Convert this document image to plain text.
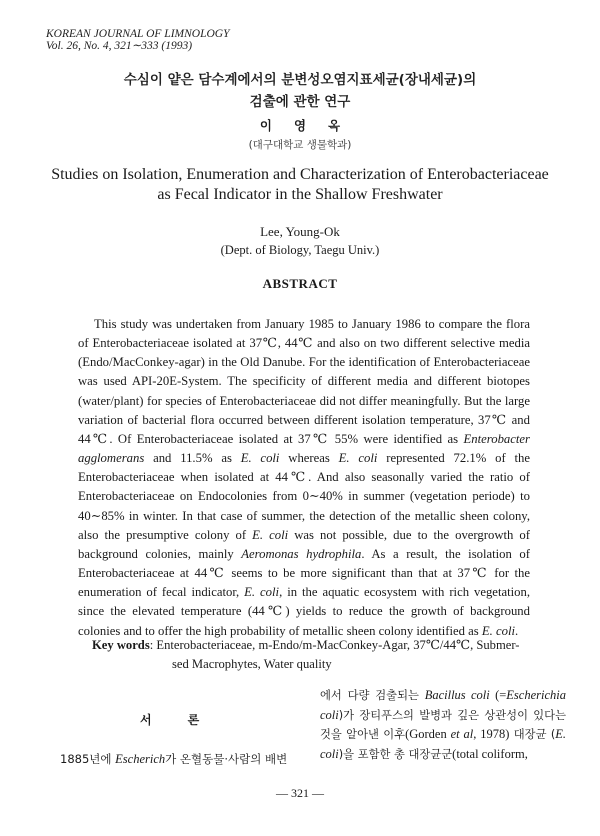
KOREAN JOURNAL OF LIMNOLOGY
Vol. 26, No. 4, 321∼333 (1993)
수심이 얕은 담수계에서의 분변성오염지표세균(장내세균)의
검출에 관한 연구
이영옥
(대구대학교 생물학과)
Studies on Isolation, Enumeration and Characterization of Enterobacteriaceae
as Fecal Indicator in the Shallow Freshwater
Lee, Young-Ok
(Dept. of Biology, Taegu Univ.)
ABSTRACT

This study was undertaken from January 1985 to January 1986 to compare the flora of Enterobacteriaceae isolated at 37℃, 44℃ and also on two different selective media (Endo/MacConkey-agar) in the Old Danube. For the identification of Enterobacteriaceae was used API-20E-System. The specificity of different media and different biotopes (water/plant) for species of Enterobacteriaceae did not differ meaningfully. But the large variation of bacterial flora occurred between different isolation temperature, 37℃ and 44℃. Of Enterobacteriaceae isolated at 37℃ 55% were identified as Enterobacter agglomerans and 11.5% as E. coli whereas E. coli represented 72.1% of the Enterobacteriaceae when isolated at 44℃. And also seasonally varied the ratio of Enterobacteriaceae on Endocolonies from 0∼40% in summer (vegetation periode) to 40∼85% in winter. In that case of summer, the detection of the metallic sheen colony, also the presumptive colony of E. coli was not possible, due to the overgrowth of background colonies, mainly Aeromonas hydrophila. As a result, the isolation of Enterobacteriaceae at 44℃ seems to be more significant than that at 37℃ for the enumeration of fecal indicator, E. coli, in the aquatic ecosystem with rich vegetation, since the elevated temperature (44℃) yields to reduce the growth of background colonies and to offer the high probability of metallic sheen colony identified as E. coli.

Key words: Enterobacteriaceae, m-Endo/m-MacConkey-Agar, 37℃/44℃, Submer-
sed Macrophytes, Water quality
서론
1885년에 Escherich가 온혈동물·사람의 배변
에서 다량 검출되는 Bacillus coli (=Escherichia coli)가 장티푸스의 발병과 깊은 상관성이 있다는 것을 알아낸 이후(Gorden et al, 1978) 대장균 (E. coli)을 포함한 총 대장균군(total coliform,
— 321 —
